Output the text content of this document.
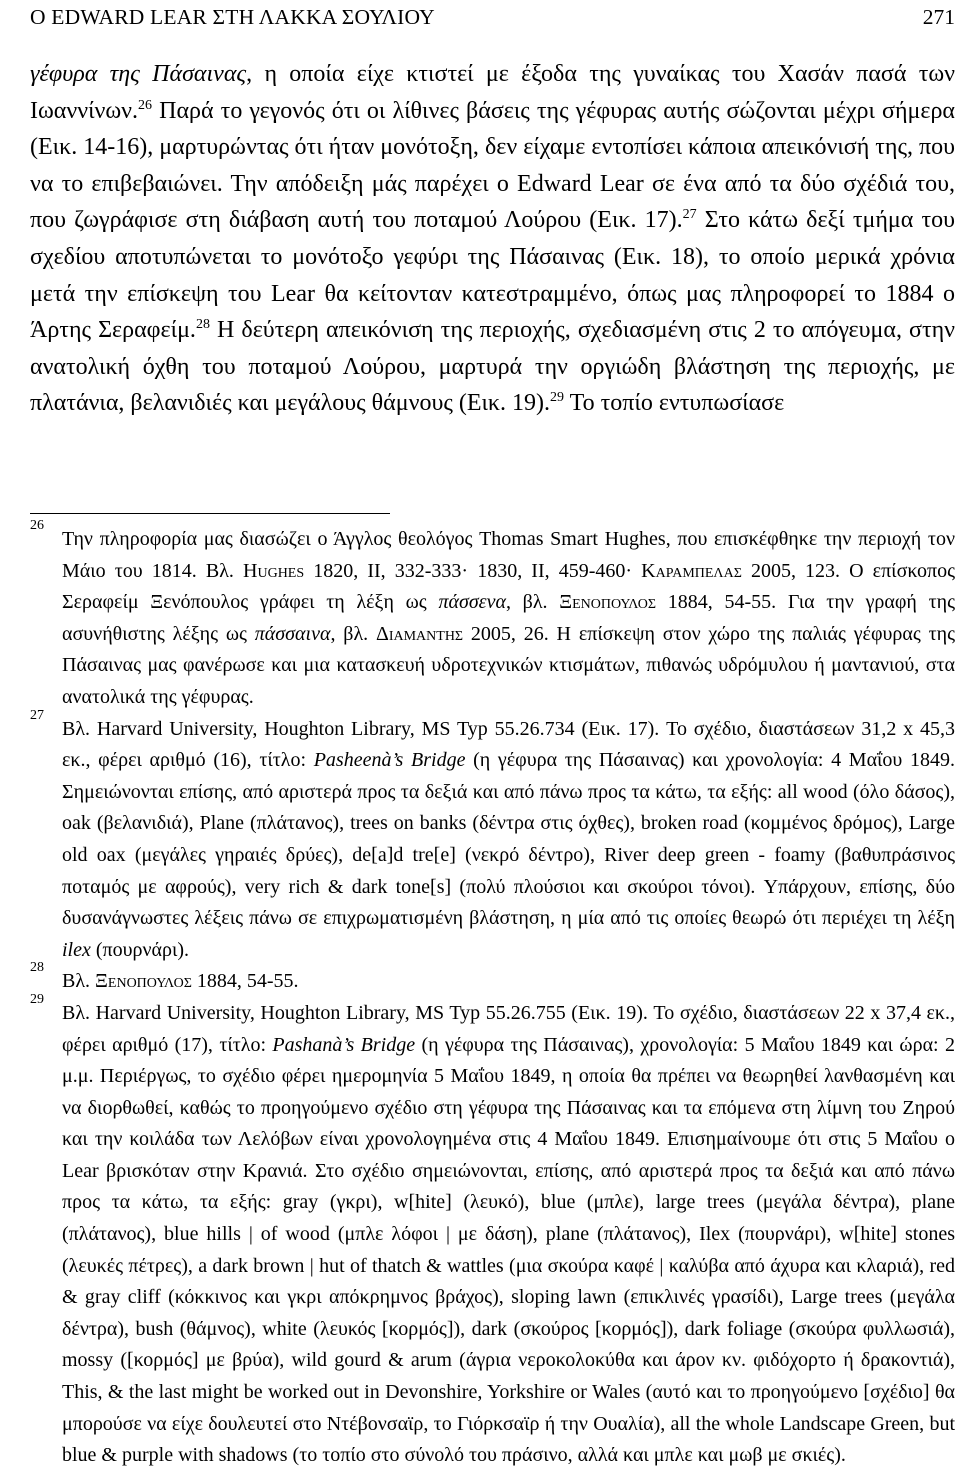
O EDWARD LEAR ΣΤΗ ΛΑΚΚΑ ΣΟΥΛΙΟΥ	271

γέφυρα της Πάσαινας, η οποία είχε κτιστεί με έξοδα της γυναίκας του Χασάν πασά των Ιωαννίνων.$^{26}$ Παρά το γεγονός ότι οι λίθινες βάσεις της γέφυρας αυτής σώζονται μέχρι σήμερα (Εικ. 14-16), μαρτυρώντας ότι ήταν μονότοξη, δεν είχαμε εντοπίσει κάποια απεικόνισή της, που να το επιβεβαιώνει. Την απόδειξη μάς παρέχει ο Edward Lear σε ένα από τα δύο σχέδιά του, που ζωγράφισε στη διάβαση αυτή του ποταμού Λούρου (Εικ. 17).$^{27}$ Στο κάτω δεξί τμήμα του σχεδίου αποτυπώνεται το μονότοξο γεφύρι της Πάσαινας (Εικ. 18), το οποίο μερικά χρόνια μετά την επίσκεψη του Lear θα κείτονταν κατεστραμμένο, όπως μας πληροφορεί το 1884 ο Άρτης Σεραφείμ.$^{28}$ Η δεύτερη απεικόνιση της περιοχής, σχεδιασμένη στις 2 το απόγευμα, στην ανατολική όχθη του ποταμού Λούρου, μαρτυρά την οργιώδη βλάστηση της περιοχής, με πλατάνια, βελανιδιές και μεγάλους θάμνους (Εικ. 19).$^{29}$ Το τοπίο εντυπωσίασε

26
Την πληροφορία μας διασώζει ο Άγγλος θεολόγος Thomas Smart Hughes, που επισκέφθηκε την περιοχή τον Μάιο του 1814. Βλ. Hughes 1820, II, 332-333· 1830, II, 459-460· Καραμπελας 2005, 123. Ο επίσκοπος Σεραφείμ Ξενόπουλος γράφει τη λέξη ως πάσσενα, βλ. Ξενοπουλος 1884, 54-55. Για την γραφή της ασυνήθιστης λέξης ως πάσσαινα, βλ. Διαμαντης 2005, 26. Η επίσκεψη στον χώρο της παλιάς γέφυρας της Πάσαινας μας φανέρωσε και μια κατασκευή υδροτεχνικών κτισμάτων, πιθανώς υδρόμυλου ή μαντανιού, στα ανατολικά της γέφυρας.
27
Βλ. Harvard University, Houghton Library, MS Typ 55.26.734 (Εικ. 17). Το σχέδιο, διαστάσεων 31,2 x 45,3 εκ., φέρει αριθμό (16), τίτλο: Pasheenà’s Bridge (η γέφυρα της Πάσαινας) και χρονολογία: 4 Μαΐου 1849. Σημειώνονται επίσης, από αριστερά προς τα δεξιά και από πάνω προς τα κάτω, τα εξής: all wood (όλο δάσος), oak (βελανιδιά), Plane (πλάτανος), trees on banks (δέντρα στις όχθες), broken road (κομμένος δρόμος), Large old oax (μεγάλες γηραιές δρύες), de[a]d tre[e] (νεκρό δέντρο), River deep green - foamy (βαθυπράσινος ποταμός με αφρούς), very rich & dark tone[s] (πολύ πλούσιοι και σκούροι τόνοι). Υπάρχουν, επίσης, δύο δυσανάγνωστες λέξεις πάνω σε επιχρωματισμένη βλάστηση, η μία από τις οποίες θεωρώ ότι περιέχει τη λέξη ilex (πουρνάρι).
28
Βλ. Ξενοπουλος 1884, 54-55.
29
Βλ. Harvard University, Houghton Library, MS Typ 55.26.755 (Εικ. 19). Το σχέδιο, διαστάσεων 22 x 37,4 εκ., φέρει αριθμό (17), τίτλο: Pashanà’s Bridge (η γέφυρα της Πάσαινας), χρονολογία: 5 Μαΐου 1849 και ώρα: 2 μ.μ. Περιέργως, το σχέδιο φέρει ημερομηνία 5 Μαΐου 1849, η οποία θα πρέπει να θεωρηθεί λανθασμένη και να διορθωθεί, καθώς το προηγούμενο σχέδιο στη γέφυρα της Πάσαινας και τα επόμενα στη λίμνη του Ζηρού και την κοιλάδα των Λελόβων είναι χρονολογημένα στις 4 Μαΐου 1849. Επισημαίνουμε ότι στις 5 Μαΐου ο Lear βρισκόταν στην Κρανιά. Στο σχέδιο σημειώνονται, επίσης, από αριστερά προς τα δεξιά και από πάνω προς τα κάτω, τα εξής: gray (γκρι), w[hite] (λευκό), blue (μπλε), large trees (μεγάλα δέντρα), plane (πλάτανος), blue hills | of wood (μπλε λόφοι | με δάση), plane (πλάτανος), Ilex (πουρνάρι), w[hite] stones (λευκές πέτρες), a dark brown | hut of thatch & wattles (μια σκούρα καφέ | καλύβα από άχυρα και κλαριά), red & gray cliff (κόκκινος και γκρι απόκρημνος βράχος), sloping lawn (επικλινές γρασίδι), Large trees (μεγάλα δέντρα), bush (θάμνος), white (λευκός [κορμός]), dark (σκούρος [κορμός]), dark foliage (σκούρα φυλλωσιά), mossy ([κορμός] με βρύα), wild gourd & arum (άγρια νεροκολοκύθα και άρον κν. φιδόχορτο ή δρακοντιά), This, & the last might be worked out in Devonshire, Yorkshire or Wales (αυτό και το προηγούμενο [σχέδιο] θα μπορούσε να είχε δουλευτεί στο Ντέβονσαϊρ, το Γιόρκσαϊρ ή την Ουαλία), all the whole Landscape Green, but blue & purple with shadows (το τοπίο στο σύνολό του πράσινο, αλλά και μπλε και μωβ με σκιές).
